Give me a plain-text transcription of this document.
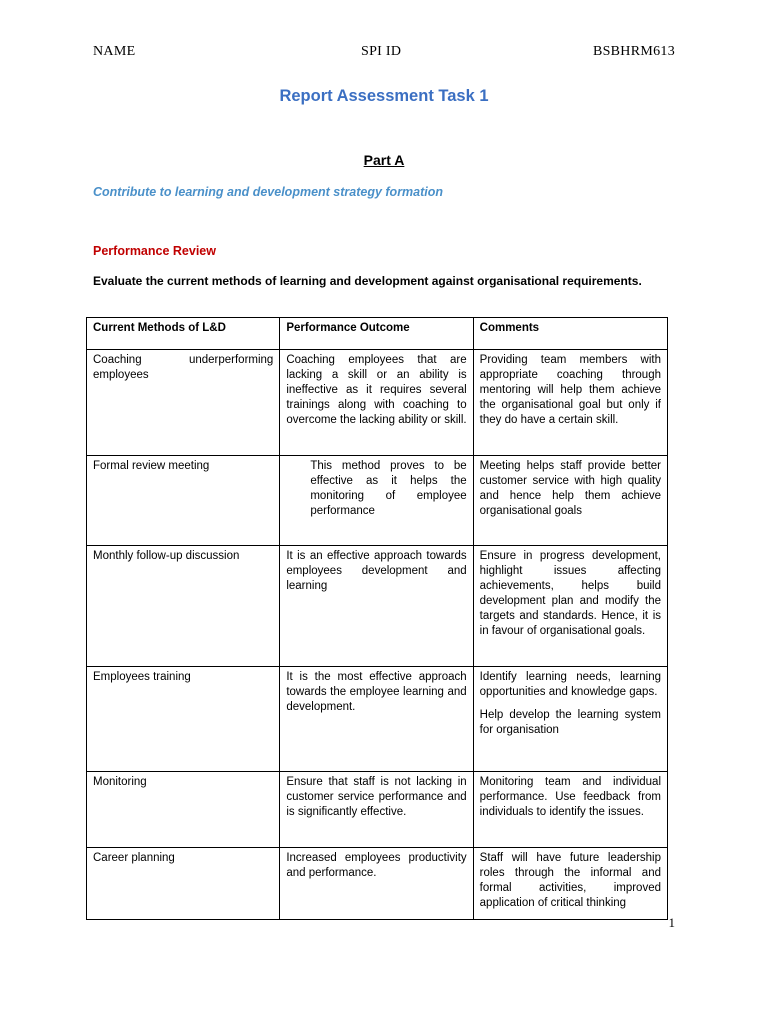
NAME	SPI ID	BSBHRM613
Report Assessment Task 1
Part A
Contribute to learning and development strategy formation
Performance Review
Evaluate the current methods of learning and development against organisational requirements.
Current Methods of L&D	Performance Outcome	Comments
Coaching underperforming employees	Coaching employees that are lacking a skill or an ability is ineffective as it requires several trainings along with coaching to overcome the lacking ability or skill.	Providing team members with appropriate coaching through mentoring will help them achieve the organisational goal but only if they do have a certain skill.
Formal review meeting	This method proves to be effective as it helps the monitoring of employee performance	Meeting helps staff provide better customer service with high quality and hence help them achieve organisational goals
Monthly follow-up discussion	It is an effective approach towards employees development and learning	Ensure in progress development, highlight issues affecting achievements, helps build development plan and modify the targets and standards. Hence, it is in favour of organisational goals.
Employees training	It is the most effective approach towards the employee learning and development.	Identify learning needs, learning opportunities and knowledge gaps.
Help develop the learning system for organisation

Monitoring	Ensure that staff is not lacking in customer service performance and is significantly effective.	Monitoring team and individual performance. Use feedback from individuals to identify the issues.
Career planning	Increased employees productivity and performance.	Staff will have future leadership roles through the informal and formal activities, improved application of critical thinking
1
